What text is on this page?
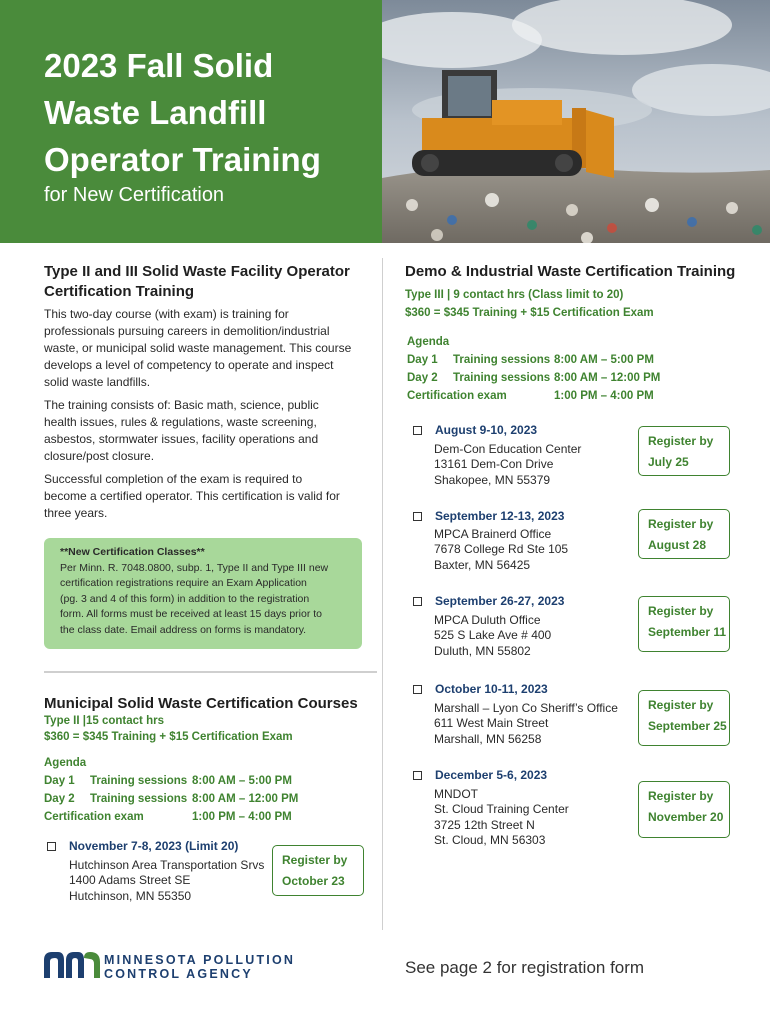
2023 Fall Solid
Waste Landfill
Operator Training
for New Certification
Type II and III Solid Waste Facility Operator
Certification Training
This two-day course (with exam) is training for
professionals pursuing careers in demolition/industrial
waste, or municipal solid waste management. This course
develops a level of competency to operate and inspect
solid waste landfills.
The training consists of: Basic math, science, public
health issues, rules & regulations, waste screening,
asbestos, stormwater issues, facility operations and
closure/post closure.
Successful completion of the exam is required to
become a certified operator. This certification is valid for
three years.
**New Certification Classes**
Per Minn. R. 7048.0800, subp. 1, Type II and Type III new
certification registrations require an Exam Application
(pg. 3 and 4 of this form) in addition to the registration
form. All forms must be received at least 15 days prior to
the class date. Email address on forms is mandatory.
Municipal Solid Waste Certification Courses
Type II |15 contact hrs
$360 = $345 Training + $15 Certification Exam
Agenda
Day 1	Training sessions 8:00 AM – 5:00 PM
Day 2	Training sessions 8:00 AM – 12:00 PM
Certification exam	1:00 PM – 4:00 PM
November 7-8, 2023 (Limit 20)
Hutchinson Area Transportation Srvs
1400 Adams Street SE
Hutchinson, MN 55350
Register by
October 23
Demo & Industrial Waste Certification Training
Type III | 9 contact hrs (Class limit to 20)
$360 = $345 Training + $15 Certification Exam
Agenda
Day 1	Training sessions 8:00 AM – 5:00 PM
Day 2	Training sessions 8:00 AM – 12:00 PM
Certification exam	1:00 PM – 4:00 PM
August 9-10, 2023
Dem-Con Education Center
13161 Dem-Con Drive
Shakopee, MN 55379
Register by
July 25
September 12-13, 2023
MPCA Brainerd Office
7678 College Rd Ste 105
Baxter, MN 56425
Register by
August 28
September 26-27, 2023
MPCA Duluth Office
525 S Lake Ave # 400
Duluth, MN 55802
Register by
September 11
October 10-11, 2023
Marshall – Lyon Co Sheriff’s Office
611 West Main Street
Marshall, MN 56258
Register by
September 25
December 5-6, 2023
MNDOT
St. Cloud Training Center
3725 12th Street N
St. Cloud, MN 56303
Register by
November 20
MINNESOTA POLLUTION
CONTROL AGENCY	See page 2 for registration form
